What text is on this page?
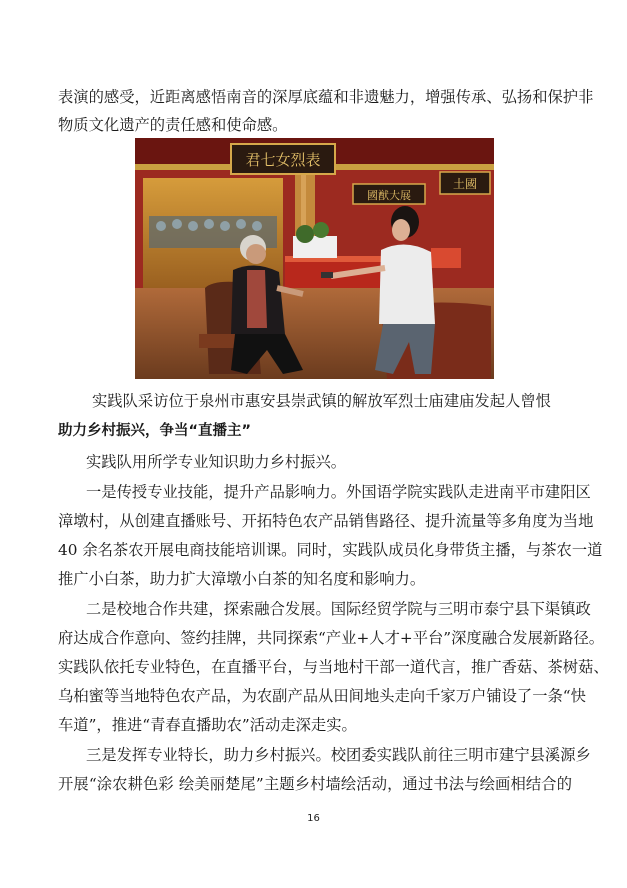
表演的感受，近距离感悟南音的深厚底蕴和非遗魅力，增强传承、弘扬和保护非
物质文化遗产的责任感和使命感。
君七女烈表
土國
國猷大展
实践队采访位于泉州市惠安县崇武镇的解放军烈士庙建庙发起人曾恨
助力乡村振兴，争当“直播主”
实践队用所学专业知识助力乡村振兴。
一是传授专业技能，提升产品影响力。外国语学院实践队走进南平市建阳区
漳墩村，从创建直播账号、开拓特色农产品销售路径、提升流量等多角度为当地
40 余名茶农开展电商技能培训课。同时，实践队成员化身带货主播，与茶农一道
推广小白茶，助力扩大漳墩小白茶的知名度和影响力。
二是校地合作共建，探索融合发展。国际经贸学院与三明市泰宁县下渠镇政
府达成合作意向、签约挂牌，共同探索“产业+人才+平台”深度融合发展新路径。
实践队依托专业特色，在直播平台，与当地村干部一道代言，推广香菇、茶树菇、
乌桕蜜等当地特色农产品，为农副产品从田间地头走向千家万户铺设了一条“快
车道”，推进“青春直播助农”活动走深走实。
三是发挥专业特长，助力乡村振兴。校团委实践队前往三明市建宁县溪源乡
开展“涂农耕色彩 绘美丽楚尾”主题乡村墙绘活动，通过书法与绘画相结合的
16
